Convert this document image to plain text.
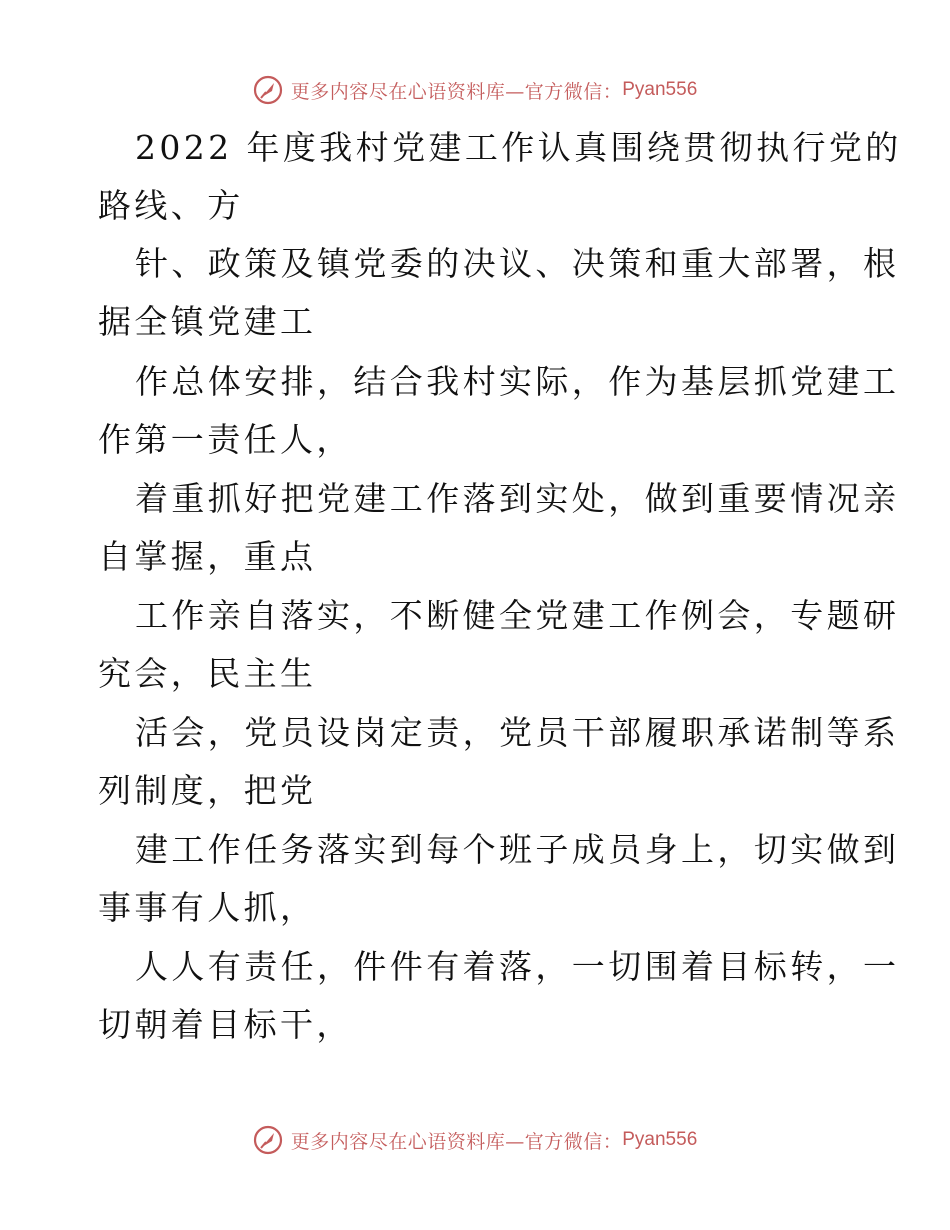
更多内容尽在心语资料库—官方微信： Pyan556
2022 年度我村党建工作认真围绕贯彻执行党的
路线、方
针、政策及镇党委的决议、决策和重大部署，根
据全镇党建工
作总体安排，结合我村实际，作为基层抓党建工
作第一责任人，
着重抓好把党建工作落到实处，做到重要情况亲
自掌握，重点
工作亲自落实，不断健全党建工作例会，专题研
究会，民主生
活会，党员设岗定责，党员干部履职承诺制等系
列制度，把党
建工作任务落实到每个班子成员身上，切实做到
事事有人抓，
人人有责任，件件有着落，一切围着目标转，一
切朝着目标干，
更多内容尽在心语资料库—官方微信： Pyan556
